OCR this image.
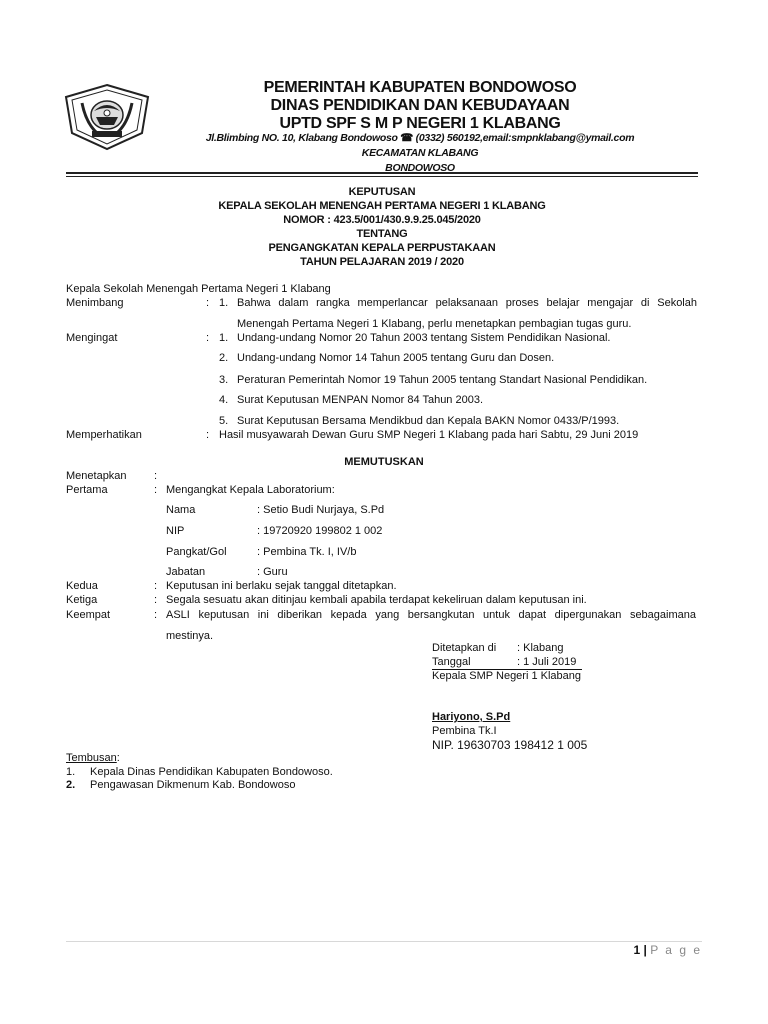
PEMERINTAH KABUPATEN BONDOWOSO
DINAS PENDIDIKAN DAN KEBUDAYAAN
UPTD SPF S M P NEGERI 1 KLABANG
Jl.Blimbing NO. 10, Klabang Bondowoso ☎ (0332) 560192,email:smpnklabang@ymail.com
KECAMATAN KLABANG
BONDOWOSO
KEPUTUSAN
KEPALA SEKOLAH MENENGAH PERTAMA NEGERI 1 KLABANG
NOMOR : 423.5/001/430.9.9.25.045/2020
TENTANG
PENGANGKATAN KEPALA PERPUSTAKAAN
TAHUN PELAJARAN 2019 / 2020
Kepala Sekolah Menengah Pertama Negeri 1 Klabang
Menimbang	: 1. Bahwa dalam rangka memperlancar pelaksanaan proses belajar mengajar di Sekolah
Menengah Pertama Negeri 1 Klabang, perlu menetapkan pembagian tugas guru.
Mengingat	: 1. Undang-undang Nomor 20 Tahun 2003 tentang Sistem Pendidikan Nasional.
2. Undang-undang Nomor 14 Tahun 2005 tentang Guru dan Dosen.
3. Peraturan Pemerintah Nomor 19 Tahun 2005 tentang Standart Nasional Pendidikan.
4. Surat Keputusan MENPAN Nomor 84 Tahun 2003.
5. Surat Keputusan Bersama Mendikbud dan Kepala BAKN Nomor 0433/P/1993.
Memperhatikan	: Hasil musyawarah Dewan Guru SMP Negeri 1 Klabang pada hari Sabtu, 29 Juni 2019
MEMUTUSKAN
Menetapkan :
Pertama	: Mengangkat Kepala Laboratorium:
Nama	: Setio Budi Nurjaya, S.Pd
NIP	: 19720920 199802 1 002
Pangkat/Gol	: Pembina Tk. I, IV/b
Jabatan	: Guru
Kedua	: Keputusan ini berlaku sejak tanggal ditetapkan.
Ketiga	: Segala sesuatu akan ditinjau kembali apabila terdapat kekeliruan dalam keputusan ini.
Keempat	: ASLI keputusan ini diberikan kepada yang bersangkutan untuk dapat dipergunakan sebagaimana
mestinya.
Ditetapkan di : Klabang
Tanggal	: 1 Juli 2019
Kepala SMP Negeri 1 Klabang
Hariyono, S.Pd
Pembina Tk.I
NIP. 19630703 198412 1 005
Tembusan:
1. Kepala Dinas Pendidikan Kabupaten Bondowoso.
2. Pengawasan Dikmenum Kab. Bondowoso
1 | P a g e
